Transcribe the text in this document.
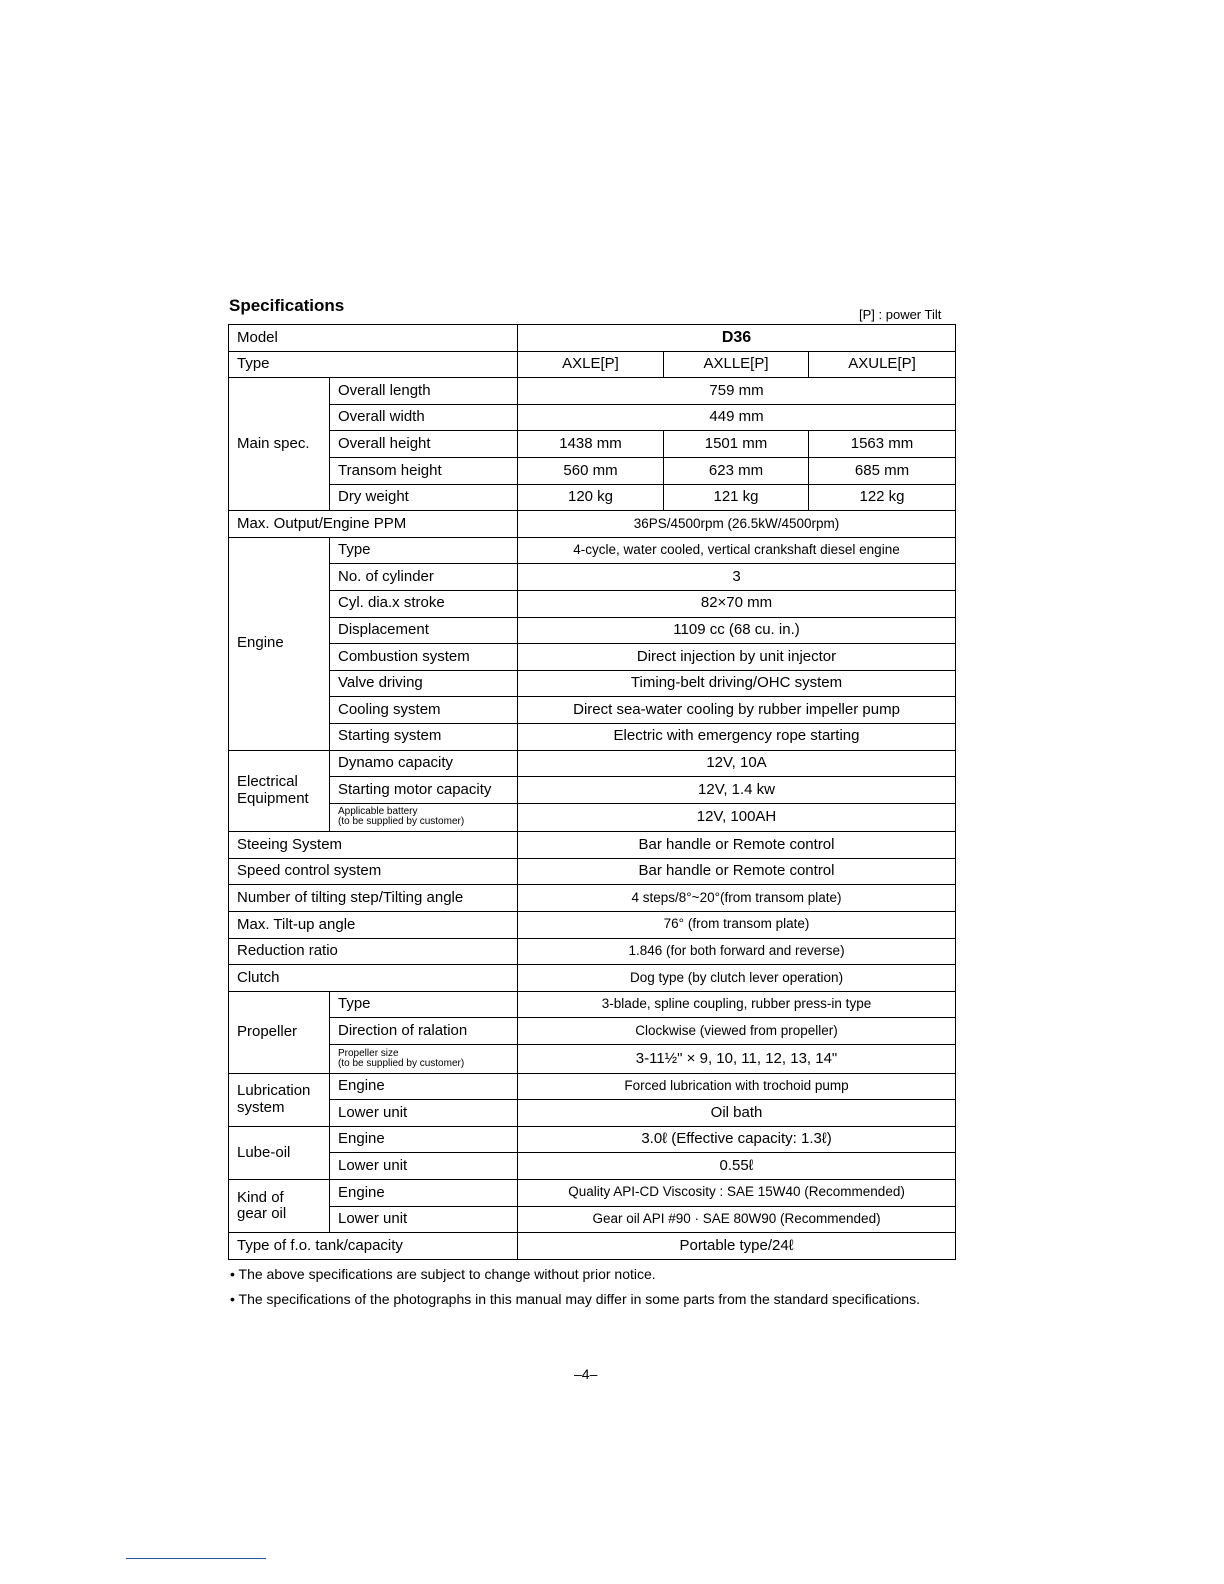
Specifications	[P] : power Tilt
Model		D36		
Type		AXLE[P]	AXLLE[P]	AXULE[P]
Main spec.	Overall length	759 mm		
	Overall width	449 mm		
	Overall height	1438 mm	1501 mm	1563 mm
	Transom height	560 mm	623 mm	685 mm
	Dry weight	120 kg	121 kg	122 kg
Max. Output/Engine PPM		36PS/4500rpm (26.5kW/4500rpm)		
Engine	Type	4-cycle, water cooled, vertical crankshaft diesel engine		
	No. of cylinder	3		
	Cyl. dia.x stroke	82×70 mm		
	Displacement	1109 cc (68 cu. in.)		
	Combustion system	Direct injection by unit injector		
	Valve driving	Timing-belt driving/OHC system		
	Cooling system	Direct sea-water cooling by rubber impeller pump		
	Starting system	Electric with emergency rope starting		

Electrical
Equipment	Dynamo capacity	12V, 10A		
	Starting motor capacity	12V, 1.4 kw		

	Applicable battery
(to be supplied by customer)	12V, 100AH		
Steeing System		Bar handle or Remote control		
Speed control system		Bar handle or Remote control		
Number of tilting step/Tilting angle		4 steps/8°~20°(from transom plate)		
Max. Tilt-up angle		76° (from transom plate)		
Reduction ratio		1.846 (for both forward and reverse)		
Clutch		Dog type (by clutch lever operation)		
Propeller	Type	3-blade, spline coupling, rubber press-in type		
	Direction of ralation	Clockwise (viewed from propeller)		

	Propeller size
(to be supplied by customer)	3-11½" × 9, 10, 11, 12, 13, 14"		

Lubrication
system	Engine	Forced lubrication with trochoid pump		
	Lower unit	Oil bath		
Lube-oil	Engine	3.0ℓ (Effective capacity: 1.3ℓ)		
	Lower unit	0.55ℓ		

Kind of
gear oil	Engine	Quality API-CD Viscosity : SAE 15W40 (Recommended)		
	Lower unit	Gear oil API #90 · SAE 80W90 (Recommended)		
Type of f.o. tank/capacity		Portable type/24ℓ		

• The above specifications are subject to change without prior notice.

• The specifications of the photographs in this manual may differ in some parts from the standard specifications.

–4–
